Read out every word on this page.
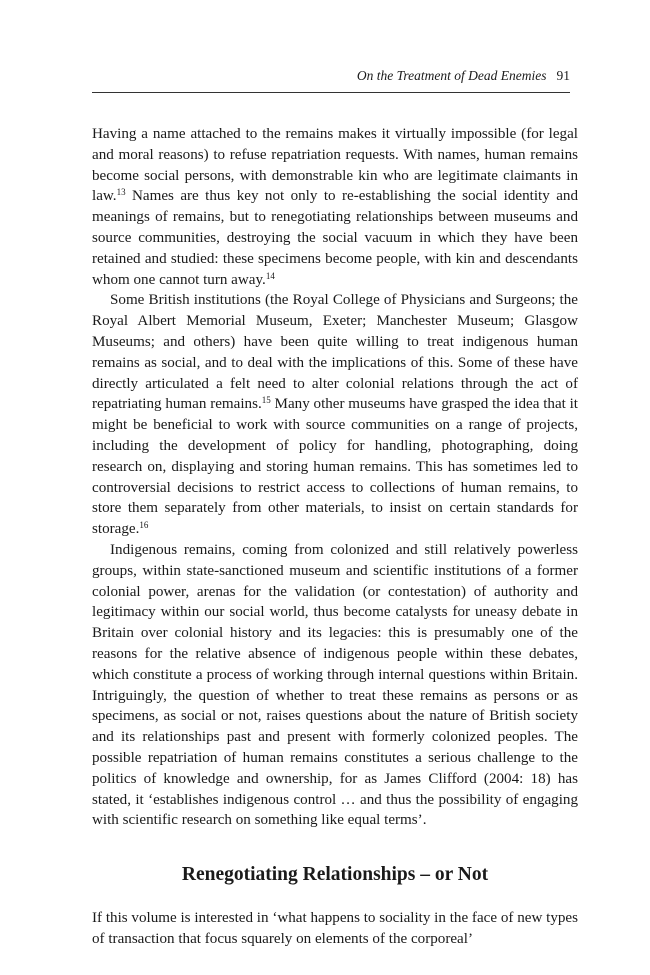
On the Treatment of Dead Enemies 91

Having a name attached to the remains makes it virtually impossible (for legal and moral reasons) to refuse repatriation requests. With names, human remains become social persons, with demonstrable kin who are legitimate claimants in law.$^{13}$ Names are thus key not only to re-establishing the social identity and meanings of remains, but to renegotiating relationships between museums and source communities, destroying the social vacuum in which they have been retained and studied: these specimens become people, with kin and descendants whom one cannot turn away.$^{14}$

Some British institutions (the Royal College of Physicians and Surgeons; the Royal Albert Memorial Museum, Exeter; Manchester Museum; Glasgow Museums; and others) have been quite willing to treat indigenous human remains as social, and to deal with the implications of this. Some of these have directly articulated a felt need to alter colonial relations through the act of repatriating human remains.$^{15}$ Many other museums have grasped the idea that it might be beneficial to work with source communities on a range of projects, including the development of policy for handling, photographing, doing research on, displaying and storing human remains. This has sometimes led to controversial decisions to restrict access to collections of human remains, to store them separately from other materials, to insist on certain standards for storage.$^{16}$

Indigenous remains, coming from colonized and still relatively powerless groups, within state-sanctioned museum and scientific institutions of a former colonial power, arenas for the validation (or contestation) of authority and legitimacy within our social world, thus become catalysts for uneasy debate in Britain over colonial history and its legacies: this is presumably one of the reasons for the relative absence of indigenous people within these debates, which constitute a process of working through internal questions within Britain. Intriguingly, the question of whether to treat these remains as persons or as specimens, as social or not, raises questions about the nature of British society and its relationships past and present with formerly colonized peoples. The possible repatriation of human remains constitutes a serious challenge to the politics of knowledge and ownership, for as James Clifford (2004: 18) has stated, it ‘establishes indigenous control … and thus the possibility of engaging with scientific research on something like equal terms’.

Renegotiating Relationships – or Not

If this volume is interested in ‘what happens to sociality in the face of new types of transaction that focus squarely on elements of the corporeal’
